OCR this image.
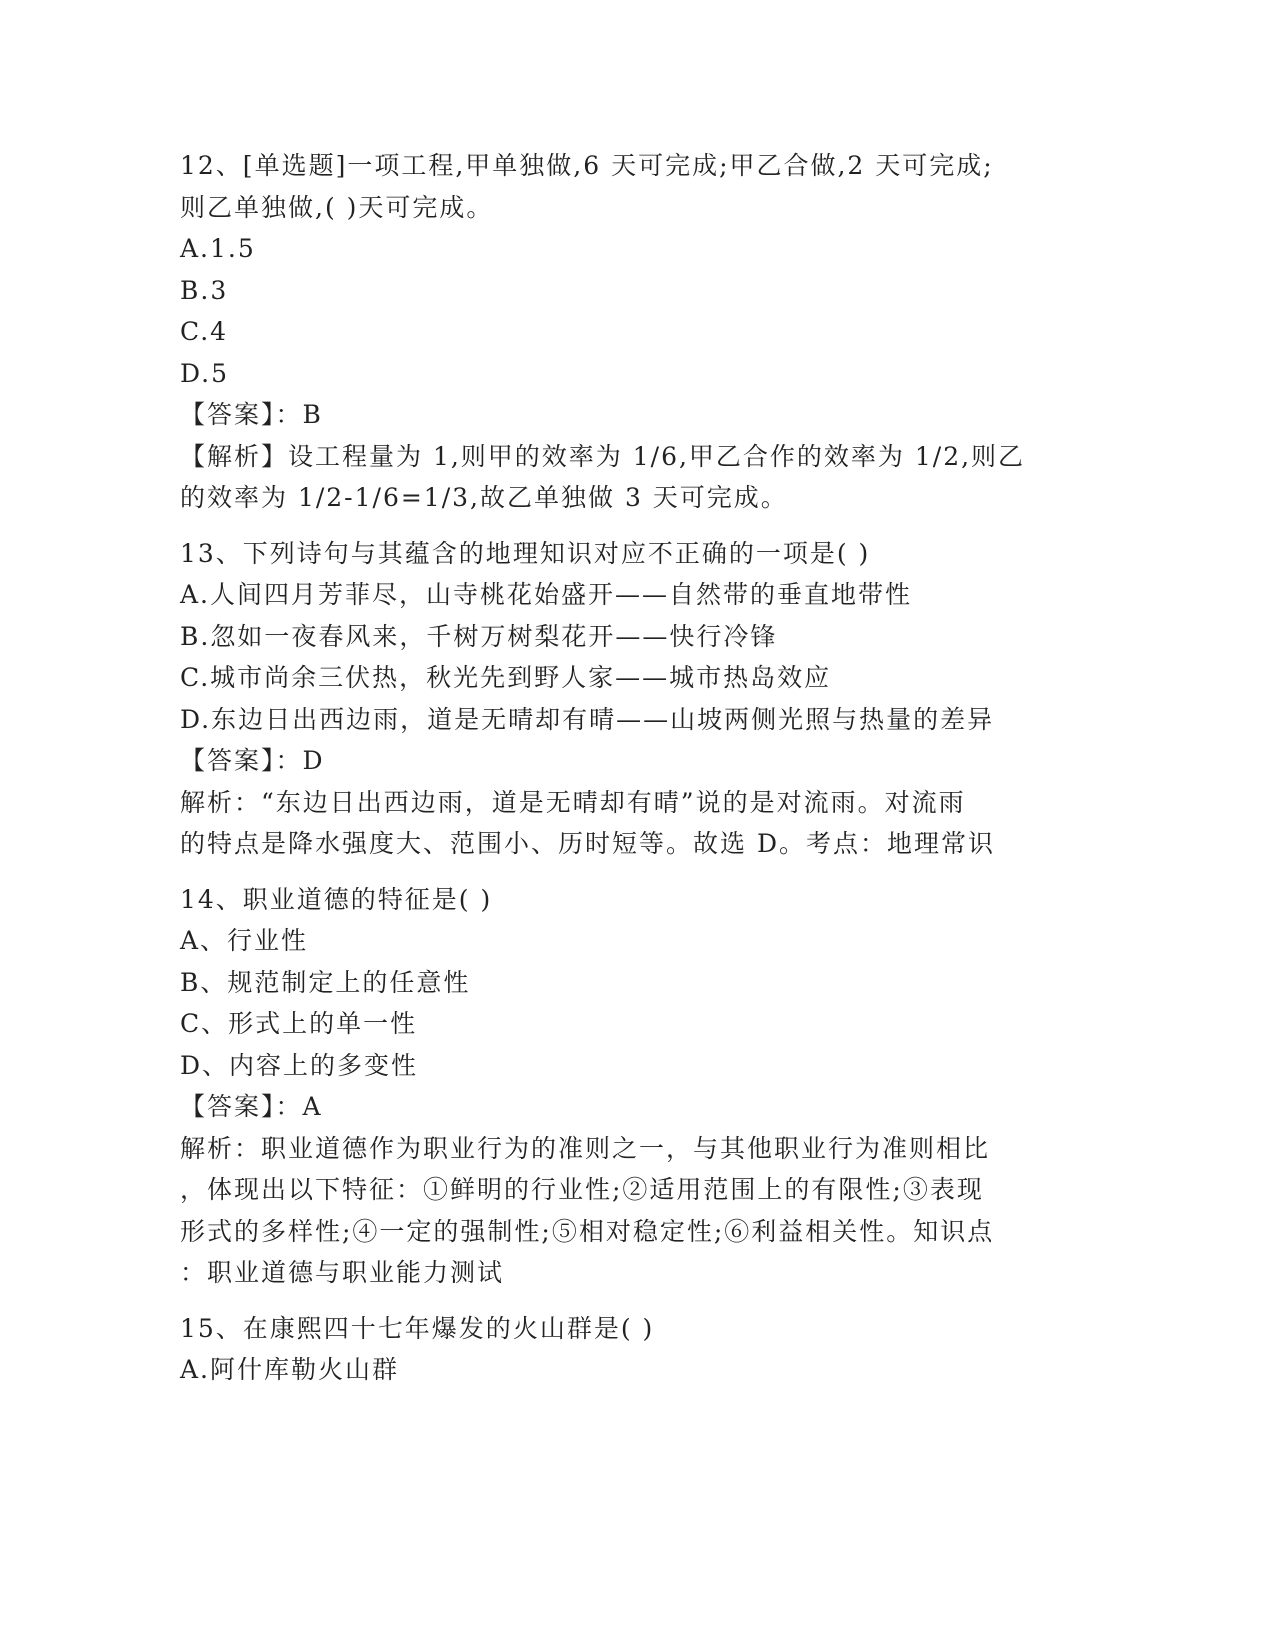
12、[单选题]一项工程,甲单独做,6 天可完成;甲乙合做,2 天可完成;

则乙单独做,( )天可完成。

A.1.5

B.3

C.4

D.5

【答案】：B

【解析】设工程量为 1,则甲的效率为 1/6,甲乙合作的效率为 1/2,则乙

的效率为 1/2-1/6=1/3,故乙单独做 3 天可完成。

13、下列诗句与其蕴含的地理知识对应不正确的一项是( )

A.人间四月芳菲尽，山寺桃花始盛开——自然带的垂直地带性

B.忽如一夜春风来，千树万树梨花开——快行冷锋

C.城市尚余三伏热，秋光先到野人家——城市热岛效应

D.东边日出西边雨，道是无晴却有晴——山坡两侧光照与热量的差异

【答案】：D

解析：“东边日出西边雨，道是无晴却有晴”说的是对流雨。对流雨

的特点是降水强度大、范围小、历时短等。故选 D。考点：地理常识

14、职业道德的特征是( )

A、行业性

B、规范制定上的任意性

C、形式上的单一性

D、内容上的多变性

【答案】：A

解析：职业道德作为职业行为的准则之一，与其他职业行为准则相比

，体现出以下特征：①鲜明的行业性;②适用范围上的有限性;③表现

形式的多样性;④一定的强制性;⑤相对稳定性;⑥利益相关性。知识点

：职业道德与职业能力测试

15、在康熙四十七年爆发的火山群是( )

A.阿什库勒火山群
